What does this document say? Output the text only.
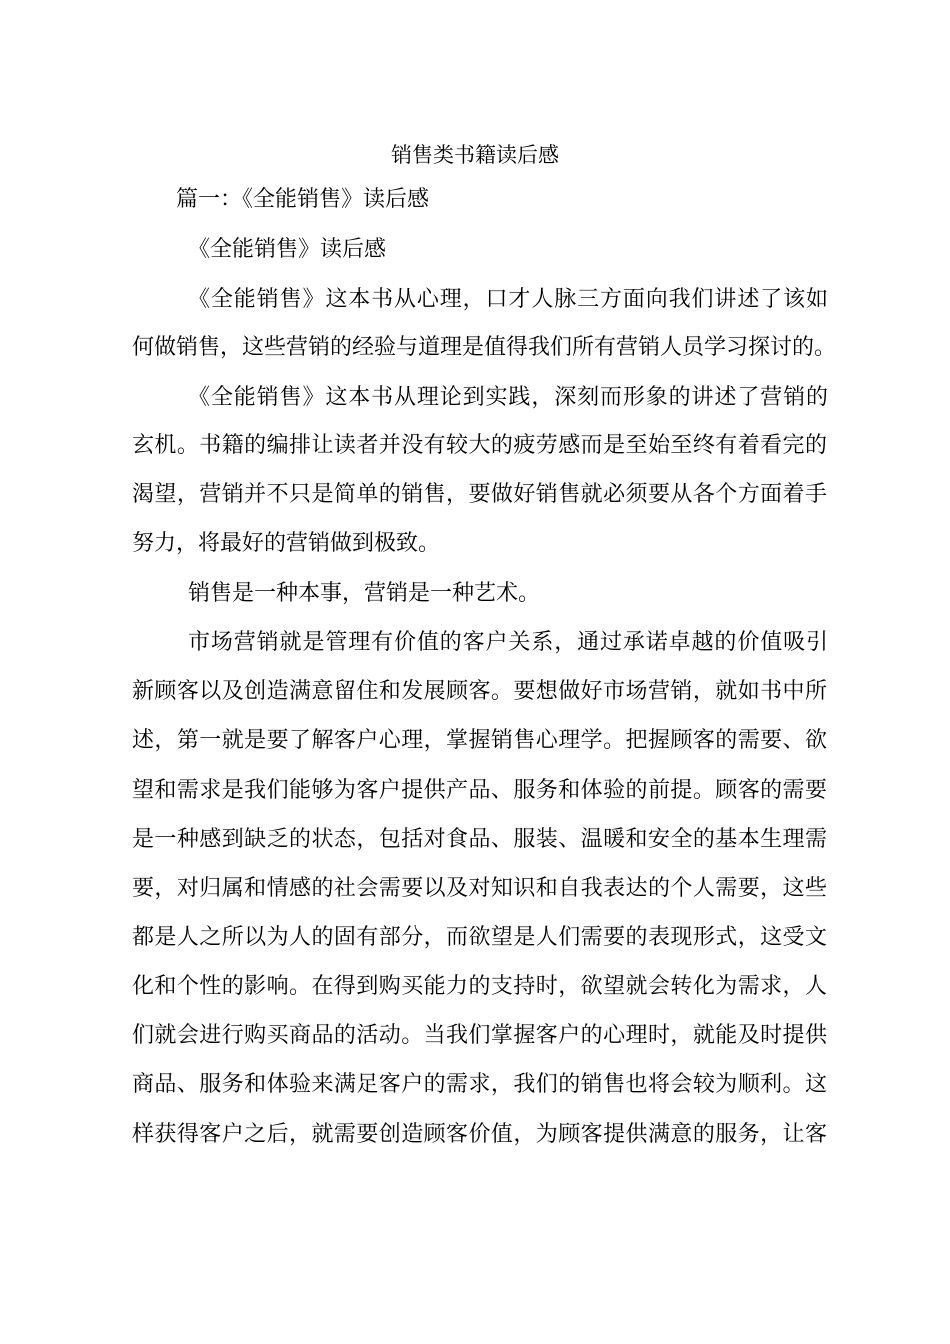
销售类书籍读后感

篇一：《全能销售》读后感

《全能销售》读后感

《全能销售》这本书从心理，口才人脉三方面向我们讲述了该如

何做销售，这些营销的经验与道理是值得我们所有营销人员学习探讨的。

《全能销售》这本书从理论到实践，深刻而形象的讲述了营销的

玄机。书籍的编排让读者并没有较大的疲劳感而是至始至终有着看完的

渴望，营销并不只是简单的销售，要做好销售就必须要从各个方面着手

努力，将最好的营销做到极致。

销售是一种本事，营销是一种艺术。

市场营销就是管理有价值的客户关系，通过承诺卓越的价值吸引

新顾客以及创造满意留住和发展顾客。要想做好市场营销，就如书中所

述，第一就是要了解客户心理，掌握销售心理学。把握顾客的需要、欲

望和需求是我们能够为客户提供产品、服务和体验的前提。顾客的需要

是一种感到缺乏的状态，包括对食品、服装、温暖和安全的基本生理需

要，对归属和情感的社会需要以及对知识和自我表达的个人需要，这些

都是人之所以为人的固有部分，而欲望是人们需要的表现形式，这受文

化和个性的影响。在得到购买能力的支持时，欲望就会转化为需求，人

们就会进行购买商品的活动。当我们掌握客户的心理时，就能及时提供

商品、服务和体验来满足客户的需求，我们的销售也将会较为顺利。这

样获得客户之后，就需要创造顾客价值，为顾客提供满意的服务，让客
